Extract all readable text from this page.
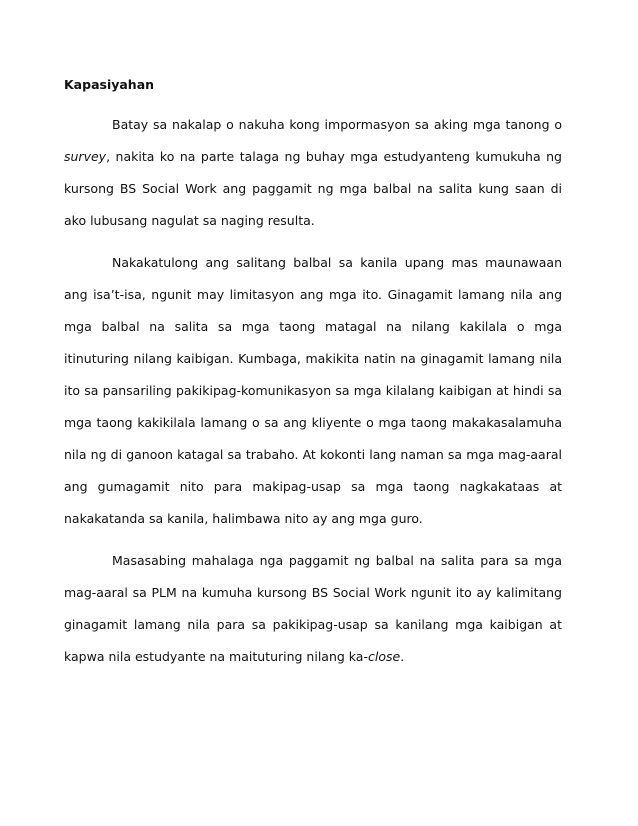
Kapasiyahan

Batay sa nakalap o nakuha kong impormasyon sa aking mga tanong o survey, nakita ko na parte talaga ng buhay mga estudyanteng kumukuha ng kursong BS Social Work ang paggamit ng mga balbal na salita kung saan di ako lubusang nagulat sa naging resulta.

Nakakatulong ang salitang balbal sa kanila upang mas maunawaan ang isa’t-isa, ngunit may limitasyon ang mga ito. Ginagamit lamang nila ang mga balbal na salita sa mga taong matagal na nilang kakilala o mga itinuturing nilang kaibigan. Kumbaga, makikita natin na ginagamit lamang nila ito sa pansariling pakikipag-komunikasyon sa mga kilalang kaibigan at hindi sa mga taong kakikilala lamang o sa ang kliyente o mga taong makakasalamuha nila ng di ganoon katagal sa trabaho. At kokonti lang naman sa mga mag-aaral ang gumagamit nito para makipag-usap sa mga taong nagkakataas at nakakatanda sa kanila, halimbawa nito ay ang mga guro.

Masasabing mahalaga nga paggamit ng balbal na salita para sa mga mag-aaral sa PLM na kumuha kursong BS Social Work ngunit ito ay kalimitang ginagamit lamang nila para sa pakikipag-usap sa kanilang mga kaibigan at kapwa nila estudyante na maituturing nilang ka-close.
